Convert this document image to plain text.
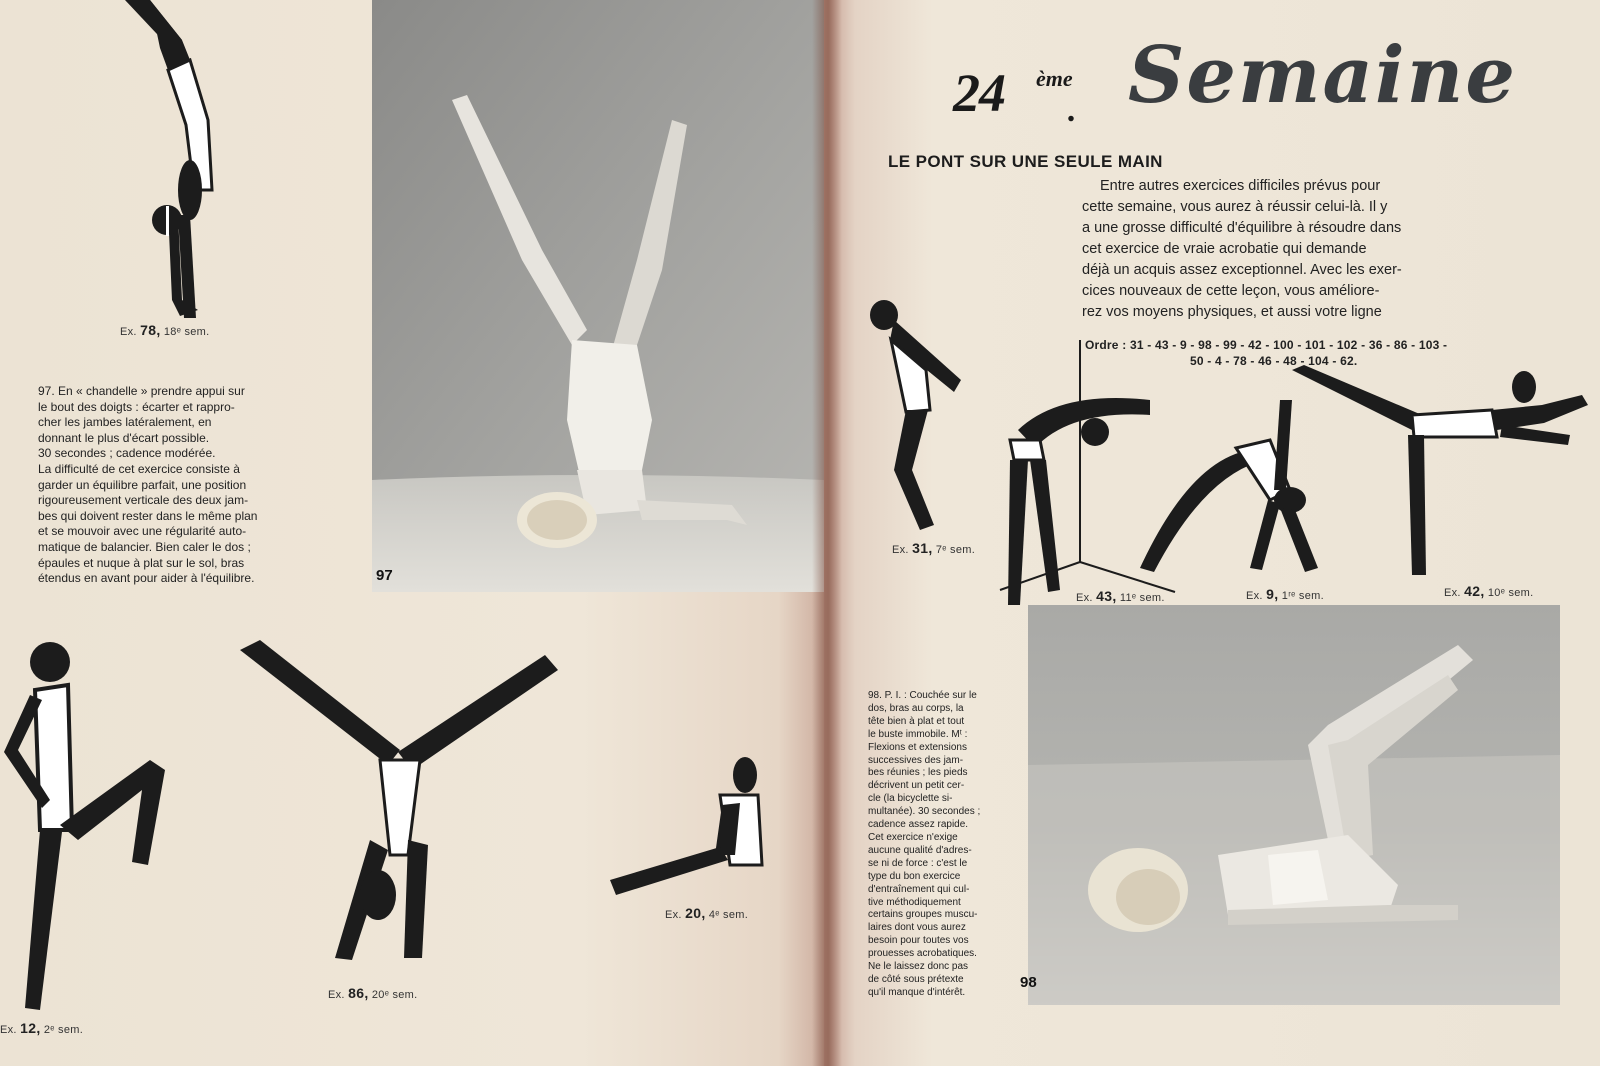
Ex. 78, 18ᵉ sem.
97. En « chandelle » prendre appui sur
le bout des doigts : écarter et rappro-
cher les jambes latéralement, en
donnant le plus d'écart possible.
30 secondes ; cadence modérée.
La difficulté de cet exercice consiste à
garder un équilibre parfait, une position
rigoureusement verticale des deux jam-
bes qui doivent rester dans le même plan
et se mouvoir avec une régularité auto-
matique de balancier. Bien caler le dos ;
épaules et nuque à plat sur le sol, bras
étendus en avant pour aider à l'équilibre.	97
Ex. 12, 2ᵉ sem.
Ex. 86, 20ᵉ sem.
Ex. 20, 4ᵉ sem.
24 ème
. Semaine
LE PONT SUR UNE SEULE MAIN
Entre autres exercices difficiles prévus pour
cette semaine, vous aurez à réussir celui-là. Il y
a une grosse difficulté d'équilibre à résoudre dans
cet exercice de vraie acrobatie qui demande
déjà un acquis assez exceptionnel. Avec les exer-
cices nouveaux de cette leçon, vous améliore-
rez vos moyens physiques, et aussi votre ligne
Ordre : 31 - 43 - 9 - 98 - 99 - 42 - 100 - 101 - 102 - 36 - 86 - 103 -
50 - 4 - 78 - 46 - 48 - 104 - 62.
Ex. 31, 7ᵉ sem.
Ex. 43, 11ᵉ sem.	Ex. 9, 1ʳᵉ sem.	Ex. 42, 10ᵉ sem.
98. P. I. : Couchée sur le
dos, bras au corps, la
tête bien à plat et tout
le buste immobile. Mᵗ :
Flexions et extensions
successives des jam-
bes réunies ; les pieds
décrivent un petit cer-
cle (la bicyclette si-
multanée). 30 secondes ;
cadence assez rapide.
Cet exercice n'exige
aucune qualité d'adres-
se ni de force : c'est le
type du bon exercice
d'entraînement qui cul-
tive méthodiquement
certains groupes muscu-
laires dont vous aurez
besoin pour toutes vos
prouesses acrobatiques.
Ne le laissez donc pas
de côté sous prétexte
qu'il manque d'intérêt.
98
